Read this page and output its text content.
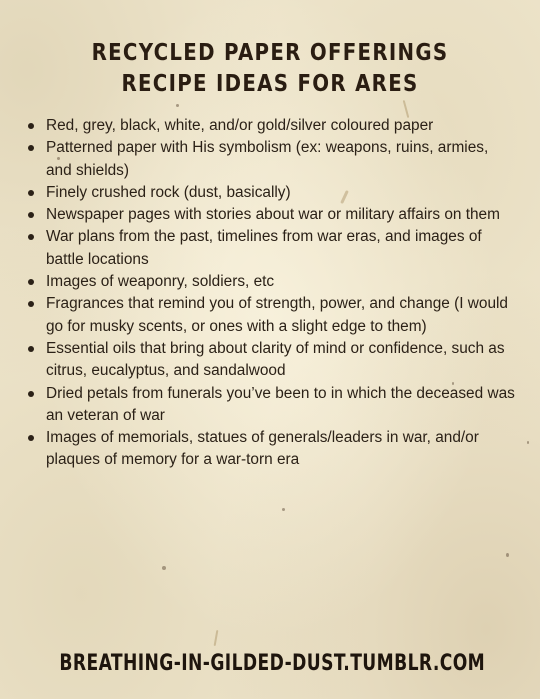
RECYCLED PAPER OFFERINGS
RECIPE IDEAS FOR ARES
Red, grey, black, white, and/or gold/silver coloured paper
Patterned paper with His symbolism (ex: weapons, ruins, armies, and shields)
Finely crushed rock (dust, basically)
Newspaper pages with stories about war or military affairs on them
War plans from the past, timelines from war eras, and images of battle locations
Images of weaponry, soldiers, etc
Fragrances that remind you of strength, power, and change (I would go for musky scents, or ones with a slight edge to them)
Essential oils that bring about clarity of mind or confidence, such as citrus, eucalyptus, and sandalwood
Dried petals from funerals you’ve been to in which the deceased was an veteran of war
Images of memorials, statues of generals/leaders in war, and/or plaques of memory for a war-torn era
BREATHING-IN-GILDED-DUST.TUMBLR.COM
